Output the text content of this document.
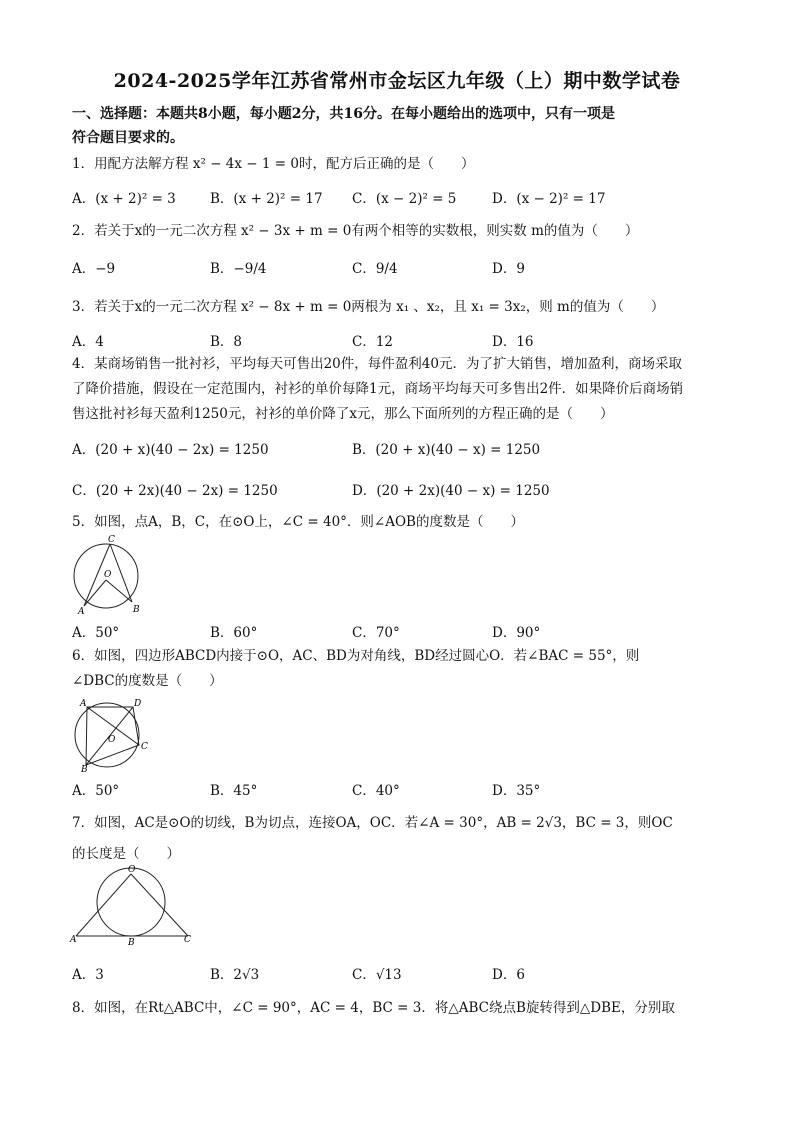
2024-2025学年江苏省常州市金坛区九年级（上）期中数学试卷
一、选择题：本题共8小题，每小题2分，共16分。在每小题给出的选项中，只有一项是
符合题目要求的。
1．用配方法解方程 x² − 4x − 1 = 0时，配方后正确的是（　　）
A．(x + 2)² = 3	B．(x + 2)² = 17 C．(x − 2)² = 5	D．(x − 2)² = 17
2．若关于x的一元二次方程 x² − 3x + m = 0有两个相等的实数根，则实数 m的值为（　　）
A．−9	B．−9/4	C．9/4	D．9
3．若关于x的一元二次方程 x² − 8x + m = 0两根为 x₁ 、x₂，且 x₁ = 3x₂，则 m的值为（　　）
A．4	B．8	C．12	D．16
4．某商场销售一批衬衫，平均每天可售出20件，每件盈利40元．为了扩大销售，增加盈利，商场采取
了降价措施，假设在一定范围内，衬衫的单价每降1元，商场平均每天可多售出2件．如果降价后商场销
售这批衬衫每天盈利1250元，衬衫的单价降了x元，那么下面所列的方程正确的是（　　）
A．(20 + x)(40 − 2x) = 1250	B．(20 + x)(40 − x) = 1250
C．(20 + 2x)(40 − 2x) = 1250	D．(20 + 2x)(40 − x) = 1250
5．如图，点A，B，C，在⊙O上，∠C = 40°．则∠AOB的度数是（　　）
C
O
A	B
A．50°	B．60°	C．70°	D．90°
6．如图，四边形ABCD内接于⊙O，AC、BD为对角线，BD经过圆心O．若∠BAC = 55°，则
∠DBC的度数是（　　）
A	D
O
C
B
A．50°	B．45°	C．40°	D．35°
7．如图，AC是⊙O的切线，B为切点，连接OA，OC．若∠A = 30°，AB = 2√3，BC = 3，则OC
的长度是（　　）
O
A	B	C
A．3	B．2√3	C．√13	D．6
8．如图，在Rt△ABC中，∠C = 90°，AC = 4，BC = 3．将△ABC绕点B旋转得到△DBE，分别取
